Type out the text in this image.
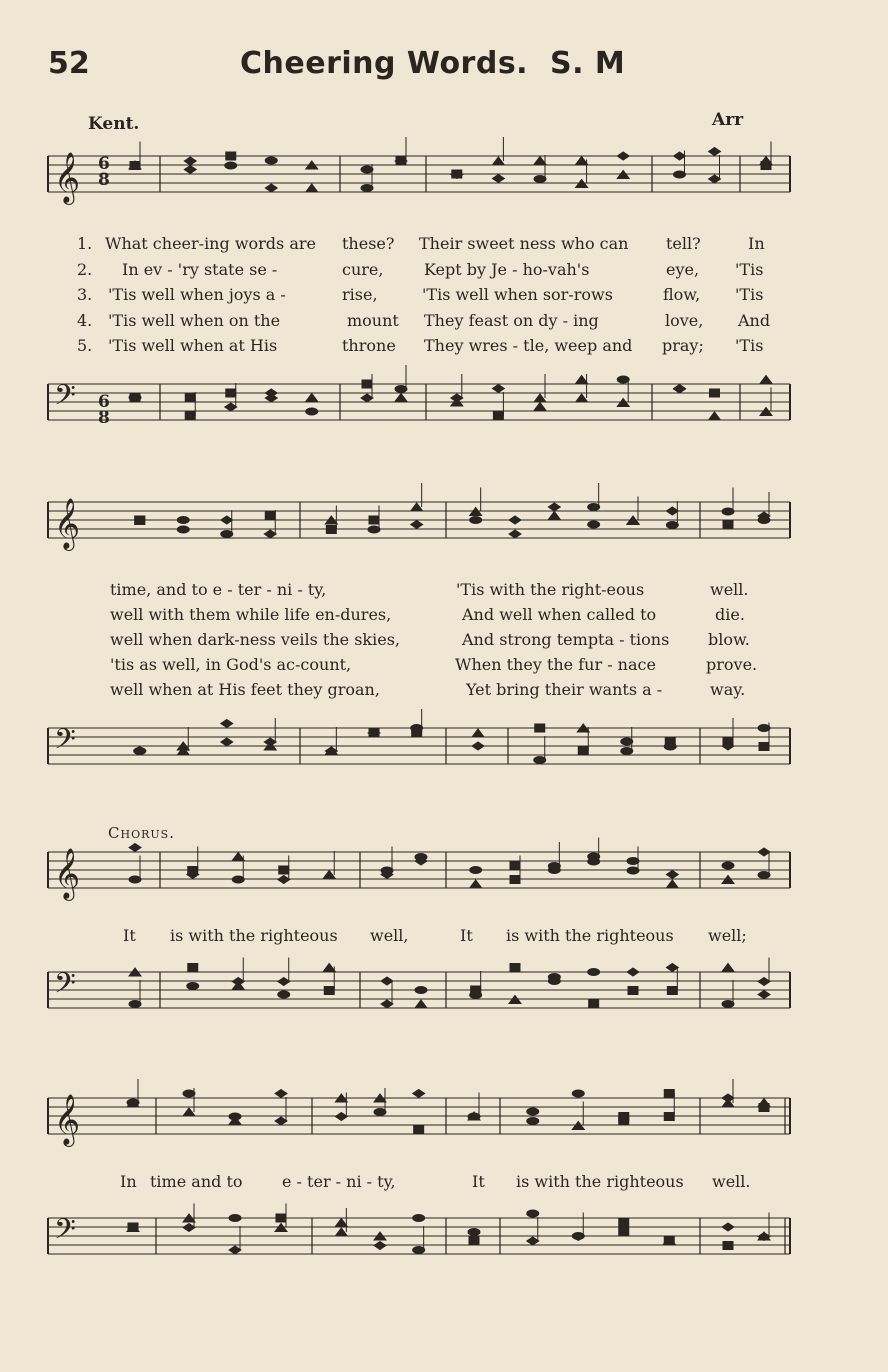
52	Cheering Words. S. M
Kent.	Arr
Chorus.
𝄞
𝄢
𝄞
𝄢
𝄞
𝄢
𝄞
𝄢
1. What cheer-ing words are these? Their sweet ness who can tell?	In
2. In ev - 'ry state se -	cure,	Kept by Je - ho-vah's	eye, 'Tis
3. 'Tis well when joys a -	rise,	'Tis well when sor-rows	flow, 'Tis
4. 'Tis well when on the	mount They feast on dy - ing	love, And
5. 'Tis well when at His	throne They wres - tle, weep and pray; 'Tis
time, and to e - ter - ni - ty,	'Tis with the right-eous	well.
well with them while life en-dures,	And well when called to	die.
well when dark-ness veils the skies,	And strong tempta - tions blow.
'tis as well, in God's ac-count,	When they the fur - nace	prove.
well when at His feet they groan,	Yet bring their wants a -	way.
It is with the righteous well,	It is with the righteous well;
In time and to e - ter - ni - ty,	It is with the righteous well.
6
8
6
8
